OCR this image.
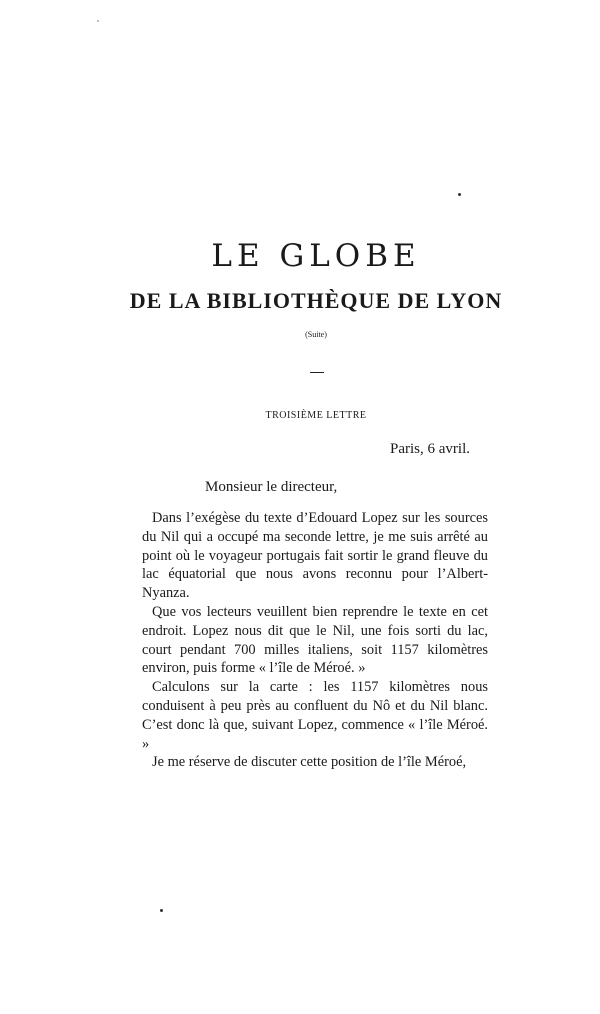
LE GLOBE
DE LA BIBLIOTHÈQUE DE LYON
(Suite)
TROISIÈME LETTRE
Paris, 6 avril.
Monsieur le directeur,

Dans l’exégèse du texte d’Edouard Lopez sur les sources du Nil qui a occupé ma seconde lettre, je me suis arrêté au point où le voyageur portugais fait sortir le grand fleuve du lac équatorial que nous avons reconnu pour l’Albert-Nyanza.

Que vos lecteurs veuillent bien reprendre le texte en cet endroit. Lopez nous dit que le Nil, une fois sorti du lac, court pendant 700 milles italiens, soit 1157 kilomètres environ, puis forme « l’île de Méroé. »

Calculons sur la carte : les 1157 kilomètres nous conduisent à peu près au confluent du Nô et du Nil blanc. C’est donc là que, suivant Lopez, commence « l’île Méroé. »

Je me réserve de discuter cette position de l’île Méroé,
